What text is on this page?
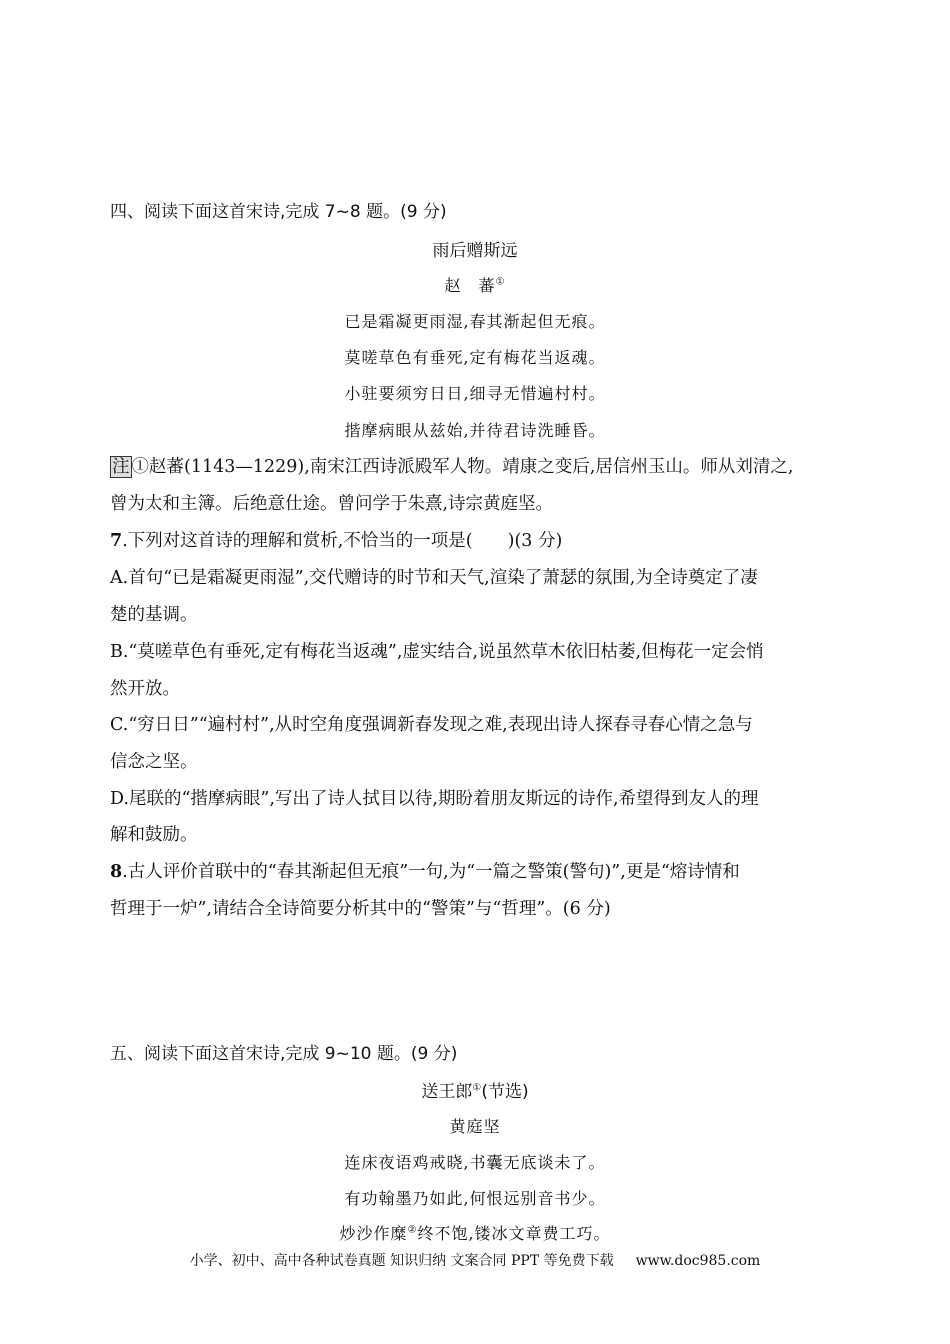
四、阅读下面这首宋诗,完成 7~8 题。(9 分)
雨后赠斯远
赵　蕃①
已是霜凝更雨湿,春其渐起但无痕。
莫嗟草色有垂死,定有梅花当返魂。
小驻要须穷日日,细寻无惜遍村村。
揩摩病眼从兹始,并待君诗洗睡昏。
注 ①赵蕃(1143—1229),南宋江西诗派殿军人物。靖康之变后,居信州玉山。师从刘清之,
曾为太和主簿。后绝意仕途。曾问学于朱熹,诗宗黄庭坚。
7.下列对这首诗的理解和赏析,不恰当的一项是(　　)(3 分)
A.首句“已是霜凝更雨湿”,交代赠诗的时节和天气,渲染了萧瑟的氛围,为全诗奠定了凄
楚的基调。
B.“莫嗟草色有垂死,定有梅花当返魂”,虚实结合,说虽然草木依旧枯萎,但梅花一定会悄
然开放。
C.“穷日日”“遍村村”,从时空角度强调新春发现之难,表现出诗人探春寻春心情之急与
信念之坚。
D.尾联的“揩摩病眼”,写出了诗人拭目以待,期盼着朋友斯远的诗作,希望得到友人的理
解和鼓励。
8.古人评价首联中的“春其渐起但无痕”一句,为“一篇之警策(警句)”,更是“熔诗情和
哲理于一炉”,请结合全诗简要分析其中的“警策”与“哲理”。(6 分)
五、阅读下面这首宋诗,完成 9~10 题。(9 分)
送王郎①(节选)
黄庭坚
连床夜语鸡戒晓,书囊无底谈未了。
有功翰墨乃如此,何恨远别音书少。
炒沙作糜②终不饱,镂冰文章费工巧。
小学、初中、高中各种试卷真题 知识归纳 文案合同 PPT 等免费下载 www.doc985.com
